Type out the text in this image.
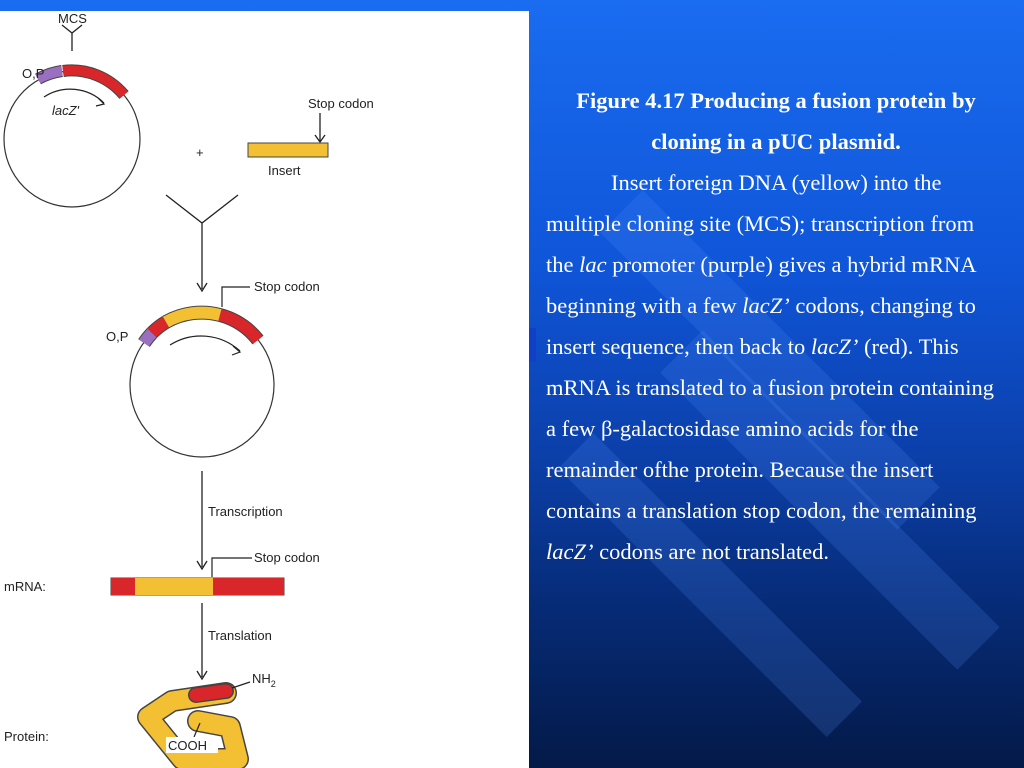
MCS
O,P
lacZ'
+
Stop codon
Insert
Stop codon
O,P
Transcription
Stop codon
mRNA:
Translation
Protein:
$NH_2$
COOH
Figure 4.17 Producing a fusion protein by cloning in a pUC plasmid.
Insert foreign DNA (yellow) into the multiple cloning site (MCS); transcription from the lac promoter (purple) gives a hybrid mRNA beginning with a few lacZ’ codons, changing to insert sequence, then back to lacZ’ (red). This mRNA is translated to a fusion protein containing a few β-galactosidase amino acids for the remainder ofthe protein. Because the insert contains a translation stop codon, the remaining lacZ’ codons are not translated.
